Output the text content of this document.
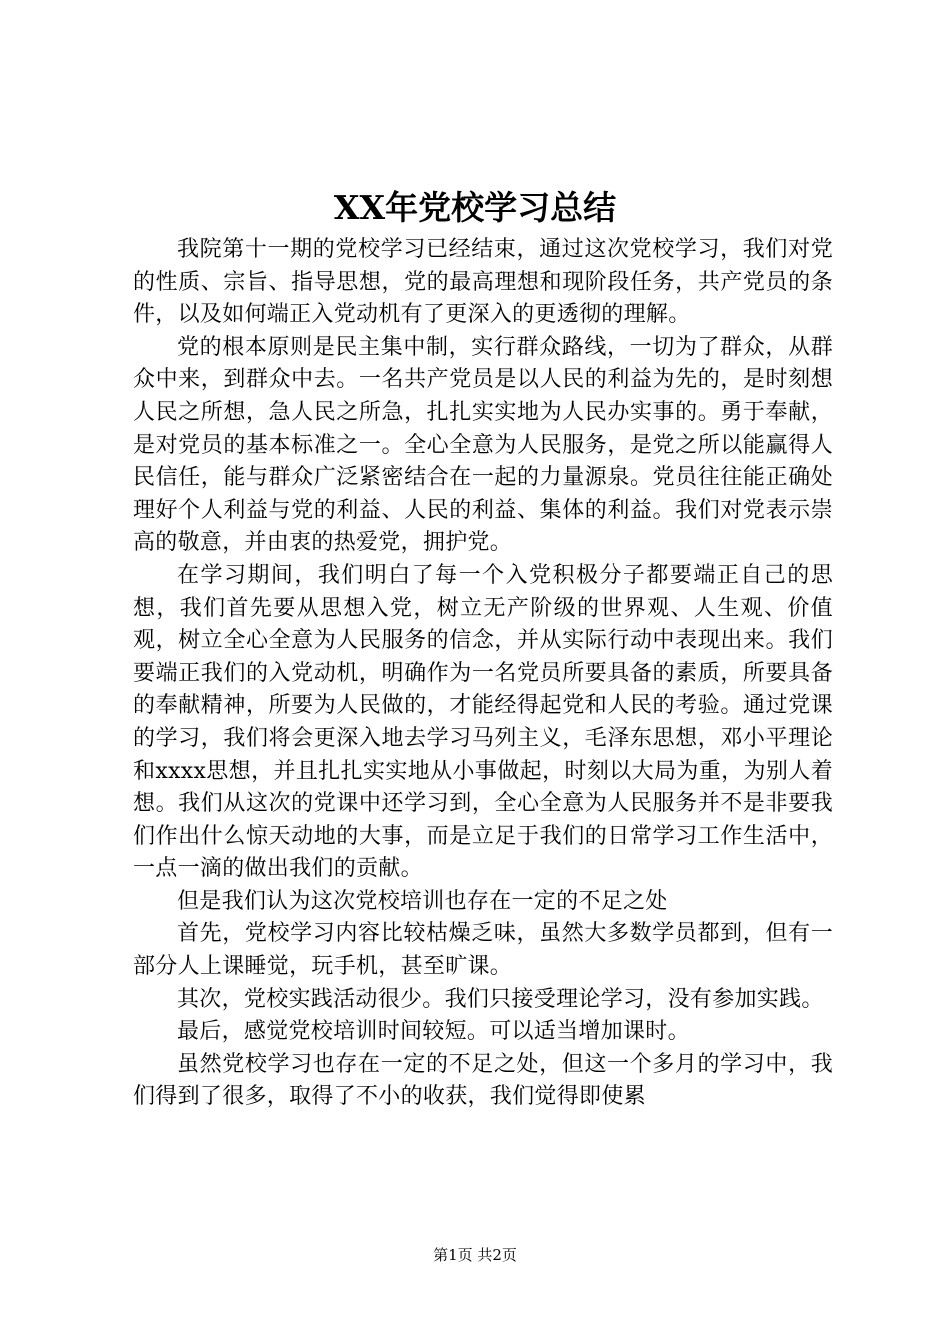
XX年党校学习总结

我院第十一期的党校学习已经结束，通过这次党校学习，我们对党的性质、宗旨、指导思想，党的最高理想和现阶段任务，共产党员的条件，以及如何端正入党动机有了更深入的更透彻的理解。

党的根本原则是民主集中制，实行群众路线，一切为了群众，从群众中来，到群众中去。一名共产党员是以人民的利益为先的，是时刻想人民之所想，急人民之所急，扎扎实实地为人民办实事的。勇于奉献，是对党员的基本标准之一。全心全意为人民服务，是党之所以能赢得人民信任，能与群众广泛紧密结合在一起的力量源泉。党员往往能正确处理好个人利益与党的利益、人民的利益、集体的利益。我们对党表示崇高的敬意，并由衷的热爱党，拥护党。

在学习期间，我们明白了每一个入党积极分子都要端正自己的思想，我们首先要从思想入党，树立无产阶级的世界观、人生观、价值观，树立全心全意为人民服务的信念，并从实际行动中表现出来。我们要端正我们的入党动机，明确作为一名党员所要具备的素质，所要具备的奉献精神，所要为人民做的，才能经得起党和人民的考验。通过党课的学习，我们将会更深入地去学习马列主义，毛泽东思想，邓小平理论和xxxx思想，并且扎扎实实地从小事做起，时刻以大局为重，为别人着想。我们从这次的党课中还学习到，全心全意为人民服务并不是非要我们作出什么惊天动地的大事，而是立足于我们的日常学习工作生活中，一点一滴的做出我们的贡献。

但是我们认为这次党校培训也存在一定的不足之处

首先，党校学习内容比较枯燥乏味，虽然大多数学员都到，但有一部分人上课睡觉，玩手机，甚至旷课。

其次，党校实践活动很少。我们只接受理论学习，没有参加实践。

最后，感觉党校培训时间较短。可以适当增加课时。

虽然党校学习也存在一定的不足之处，但这一个多月的学习中，我们得到了很多，取得了不小的收获，我们觉得即使累

第1页 共2页
